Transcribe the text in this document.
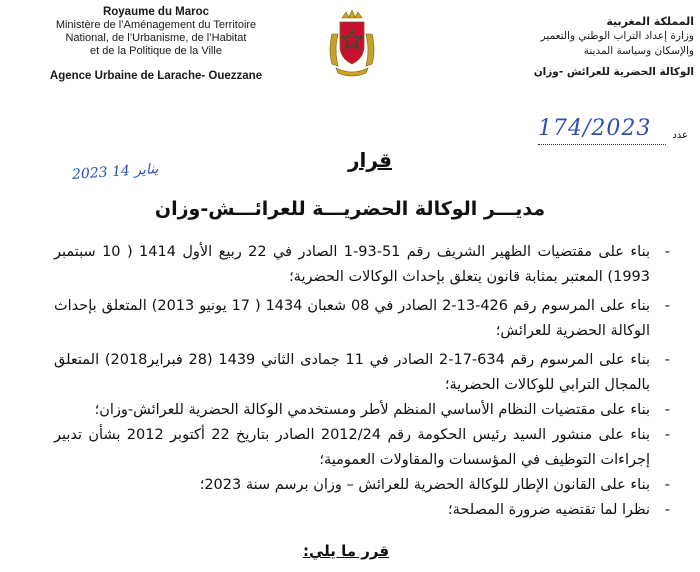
Royaume du Maroc
Ministère de l’Aménagement du Territoire
National, de l’Urbanisme, de l’Habitat
et de la Politique de la Ville
Agence Urbaine de Larache- Ouezzane
المملكة المغربية
وزارة إعداد التراب الوطني والتعمير
والإسكان وسياسة المدينة
الوكالة الحضرية للعرائش -وزان
174/2023 عدد
2023 يناير 14	قرار
مديـــر الوكالة الحضريـــة للعرائـــش-وزان
-
بناء على مقتضيات الظهير الشريف رقم 51-93-1 الصادر في 22 ربيع الأول 1414 ( 10 سبتمبر 1993) المعتبر بمثابة قانون يتعلق بإحداث الوكالات الحضرية؛
-
بناء على المرسوم رقم 426-13-2 الصادر في 08 شعبان 1434 ( 17 يونيو 2013) المتعلق بإحداث الوكالة الحضرية للعرائش؛
-
بناء على المرسوم رقم 634-17-2 الصادر في 11 جمادى الثاني 1439 (28 فبراير2018) المتعلق بالمجال الترابي للوكالات الحضرية؛
-
بناء على مقتضيات النظام الأساسي المنظم لأطر ومستخدمي الوكالة الحضرية للعرائش-وزان؛
-
بناء على منشور السيد رئيس الحكومة رقم 2012/24 الصادر بتاريخ 22 أكتوبر 2012 بشأن تدبير إجراءات التوظيف في المؤسسات والمقاولات العمومية؛
-
بناء على القانون الإطار للوكالة الحضرية للعرائش – وزان برسم سنة 2023؛
-
نظرا لما تقتضيه ضرورة المصلحة؛
قرر ما يلي:
